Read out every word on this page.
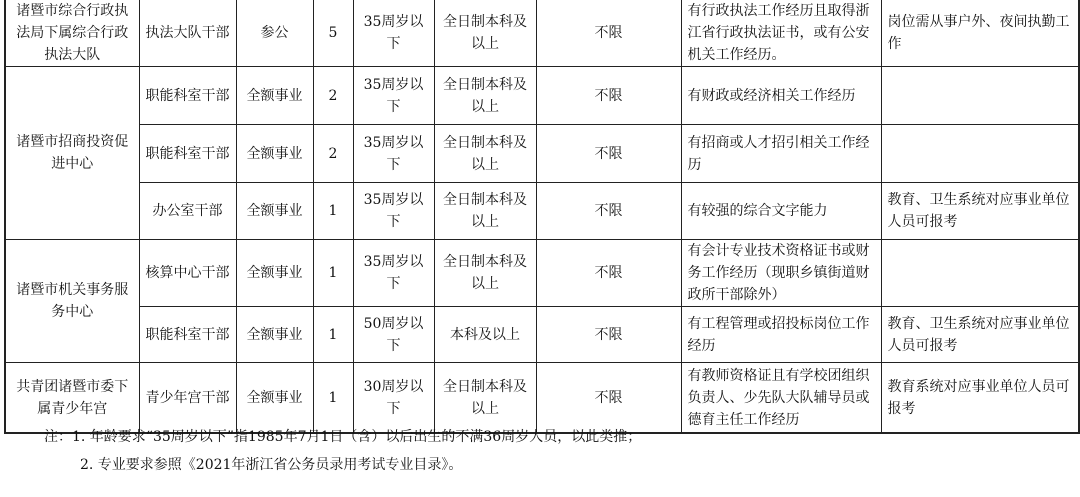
诸暨市综合行政执法局下属综合行政执法大队	执法大队干部	参公	5	35周岁以下	全日制本科及以上	不限	有行政执法工作经历且取得浙江省行政执法证书，或有公安机关工作经历。	岗位需从事户外、夜间执勤工作
诸暨市招商投资促进中心	职能科室干部	全额事业	2	35周岁以下	全日制本科及以上	不限	有财政或经济相关工作经历	
	职能科室干部	全额事业	2	35周岁以下	全日制本科及以上	不限	有招商或人才招引相关工作经历	
	办公室干部	全额事业	1	35周岁以下	全日制本科及以上	不限	有较强的综合文字能力	教育、卫生系统对应事业单位人员可报考
诸暨市机关事务服务中心	核算中心干部	全额事业	1	35周岁以下	全日制本科及以上	不限	有会计专业技术资格证书或财务工作经历（现职乡镇街道财政所干部除外）	
	职能科室干部	全额事业	1	50周岁以下	本科及以上	不限	有工程管理或招投标岗位工作经历	教育、卫生系统对应事业单位人员可报考
共青团诸暨市委下属青少年宫	青少年宫干部	全额事业	1	30周岁以下	全日制本科及以上	不限	有教师资格证且有学校团组织负责人、少先队大队辅导员或德育主任工作经历	教育系统对应事业单位人员可报考
注：1. 年龄要求“35周岁以下”指1985年7月1日（含）以后出生的不满36周岁人员，以此类推；
2. 专业要求参照《2021年浙江省公务员录用考试专业目录》。
